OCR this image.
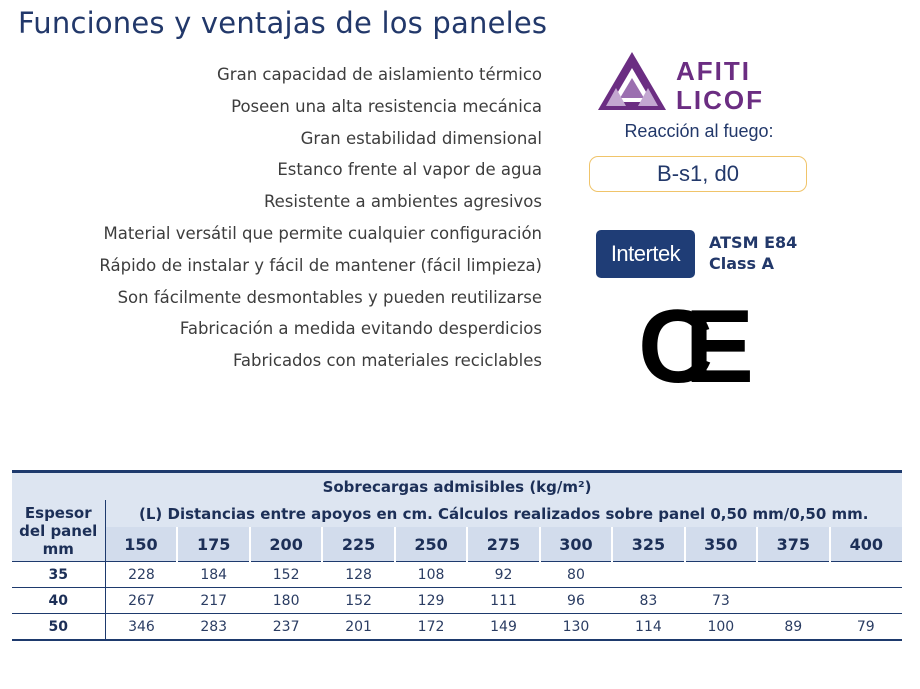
Funciones y ventajas de los paneles
Gran capacidad de aislamiento térmico
Poseen una alta resistencia mecánica
Gran estabilidad dimensional
Estanco frente al vapor de agua
Resistente a ambientes agresivos
Material versátil que permite cualquier configuración
Rápido de instalar y fácil de mantener (fácil limpieza)
Son fácilmente desmontables y pueden reutilizarse
Fabricación a medida evitando desperdicios
Fabricados con materiales reciclables
AFITI
LICOF
Reacción al fuego:
B-s1, d0
Intertek	ATSM E84
Class A
CE
Sobrecargas admisibles (kg/m²)											

Espesor
del panel
mm	(L) Distancias entre apoyos en cm. Cálculos realizados sobre panel 0,50 mm/0,50 mm.										
	150	175	200	225	250	275	300	325	350	375	400
35	228	184	152	128	108	92	80				
40	267	217	180	152	129	111	96	83	73		
50	346	283	237	201	172	149	130	114	100	89	79
